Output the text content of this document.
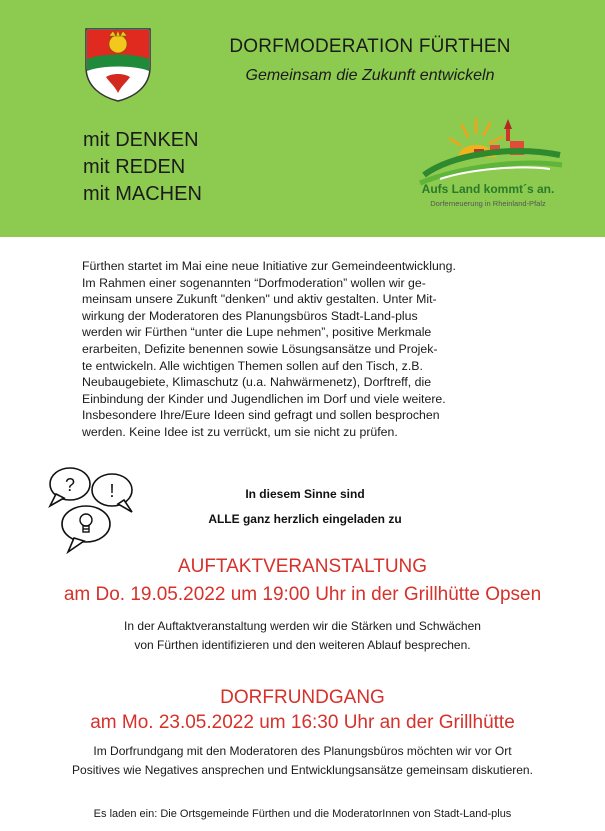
DORFMODERATION FÜRTHEN
Gemeinsam die Zukunft entwickeln
mit DENKEN
mit REDEN
mit MACHEN	Aufs Land kommt´s an.
Dorferneuerung in Rheinland-Pfalz
Fürthen startet im Mai eine neue Initiative zur Gemeindeentwicklung.
Im Rahmen einer sogenannten “Dorfmoderation” wollen wir ge-
meinsam unsere Zukunft "denken" und aktiv gestalten. Unter Mit-
wirkung der Moderatoren des Planungsbüros Stadt-Land-plus
werden wir Fürthen “unter die Lupe nehmen”, positive Merkmale
erarbeiten, Defizite benennen sowie Lösungsansätze und Projek-
te entwickeln. Alle wichtigen Themen sollen auf den Tisch, z.B.
Neubaugebiete, Klimaschutz (u.a. Nahwärmenetz), Dorftreff, die
Einbindung der Kinder und Jugendlichen im Dorf und viele weitere.
Insbesondere Ihre/Eure Ideen sind gefragt und sollen besprochen
werden. Keine Idee ist zu verrückt, um sie nicht zu prüfen.
? !	In diesem Sinne sind
ALLE ganz herzlich eingeladen zu
AUFTAKTVERANSTALTUNG
am Do. 19.05.2022 um 19:00 Uhr in der Grillhütte Opsen
In der Auftaktveranstaltung werden wir die Stärken und Schwächen
von Fürthen identifizieren und den weiteren Ablauf besprechen.
DORFRUNDGANG
am Mo. 23.05.2022 um 16:30 Uhr an der Grillhütte
Im Dorfrundgang mit den Moderatoren des Planungsbüros möchten wir vor Ort
Positives wie Negatives ansprechen und Entwicklungsansätze gemeinsam diskutieren.
Es laden ein: Die Ortsgemeinde Fürthen und die ModeratorInnen von Stadt-Land-plus
